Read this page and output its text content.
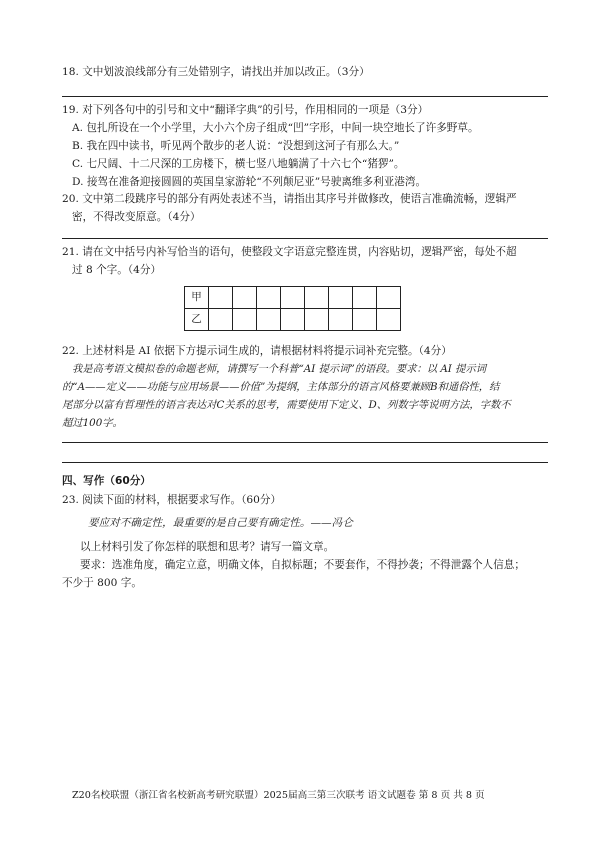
18. 文中划波浪线部分有三处错别字，请找出并加以改正。（3分）
19. 对下列各句中的引号和文中“翻译字典”的引号，作用相同的一项是（3分）
A. 包扎所设在一个小学里，大小六个房子组成“凹”字形，中间一块空地长了许多野草。
B. 我在四中读书，听见两个散步的老人说：“没想到这河子有那么大。”
C. 七尺阔、十二尺深的工房楼下，横七竖八地躺满了十六七个“猪猡”。
D. 接驾在准备迎接圆圆的英国皇家游轮“不列颠尼亚”号驶离维多利亚港湾。
20. 文中第二段跳序号的部分有两处表述不当，请指出其序号并做修改，使语言准确流畅，逻辑严
密，不得改变原意。（4分）
21. 请在文中括号内补写恰当的语句，使整段文字语意完整连贯，内容贴切，逻辑严密，每处不超
过 8 个字。（4分）
甲								
乙								
22. 上述材料是 AI 依据下方提示词生成的，请根据材料将提示词补充完整。（4分）
我是高考语文模拟卷的命题老师，请撰写一个科普“AI 提示词”的语段。要求：以 AI 提示词
的“A——定义——功能与应用场景——价值”为提纲，主体部分的语言风格要兼顾B和通俗性，结
尾部分以富有哲理性的语言表达对C关系的思考，需要使用下定义、D、列数字等说明方法，字数不
超过100字。
四、写作（60分）
23. 阅读下面的材料，根据要求写作。（60分）
要应对不确定性，最重要的是自己要有确定性。——冯仑
以上材料引发了你怎样的联想和思考？请写一篇文章。
要求：选准角度，确定立意，明确文体，自拟标题；不要套作，不得抄袭；不得泄露个人信息；
不少于 800 字。
Z20名校联盟（浙江省名校新高考研究联盟）2025届高三第三次联考 语文试题卷 第 8 页 共 8 页
